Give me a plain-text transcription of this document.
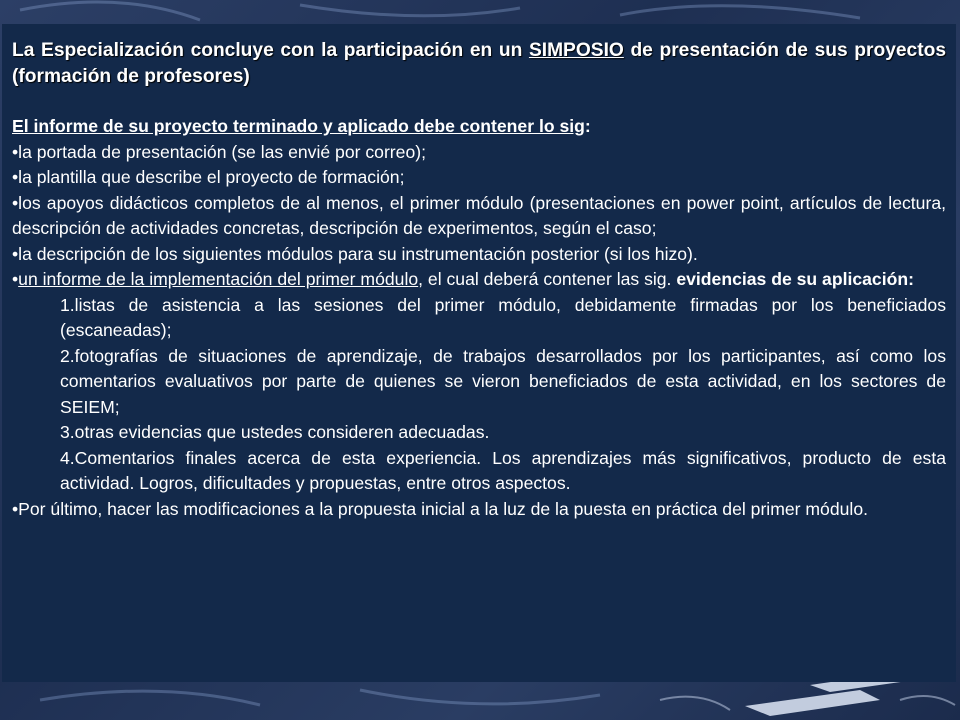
La Especialización concluye con la participación en un SIMPOSIO de presentación de sus proyectos (formación de profesores)

El informe de su proyecto terminado y aplicado debe contener lo sig:

•la portada de presentación (se las envié por correo);

•la plantilla que describe el proyecto de formación;

•los apoyos didácticos completos de al menos, el primer módulo (presentaciones en power point, artículos de lectura, descripción de actividades concretas, descripción de experimentos, según el caso;

•la descripción de los siguientes módulos para su instrumentación posterior (si los hizo).

•un informe de la implementación del primer módulo, el cual deberá contener las sig. evidencias de su aplicación:

1.listas de asistencia a las sesiones del primer módulo, debidamente firmadas por los beneficiados (escaneadas);

2.fotografías de situaciones de aprendizaje, de trabajos desarrollados por los participantes, así como los comentarios evaluativos por parte de quienes se vieron beneficiados de esta actividad, en los sectores de SEIEM;

3.otras evidencias que ustedes consideren adecuadas.

4.Comentarios finales acerca de esta experiencia. Los aprendizajes más significativos, producto de esta actividad. Logros, dificultades y propuestas, entre otros aspectos.

•Por último, hacer las modificaciones a la propuesta inicial a la luz de la puesta en práctica del primer módulo.
